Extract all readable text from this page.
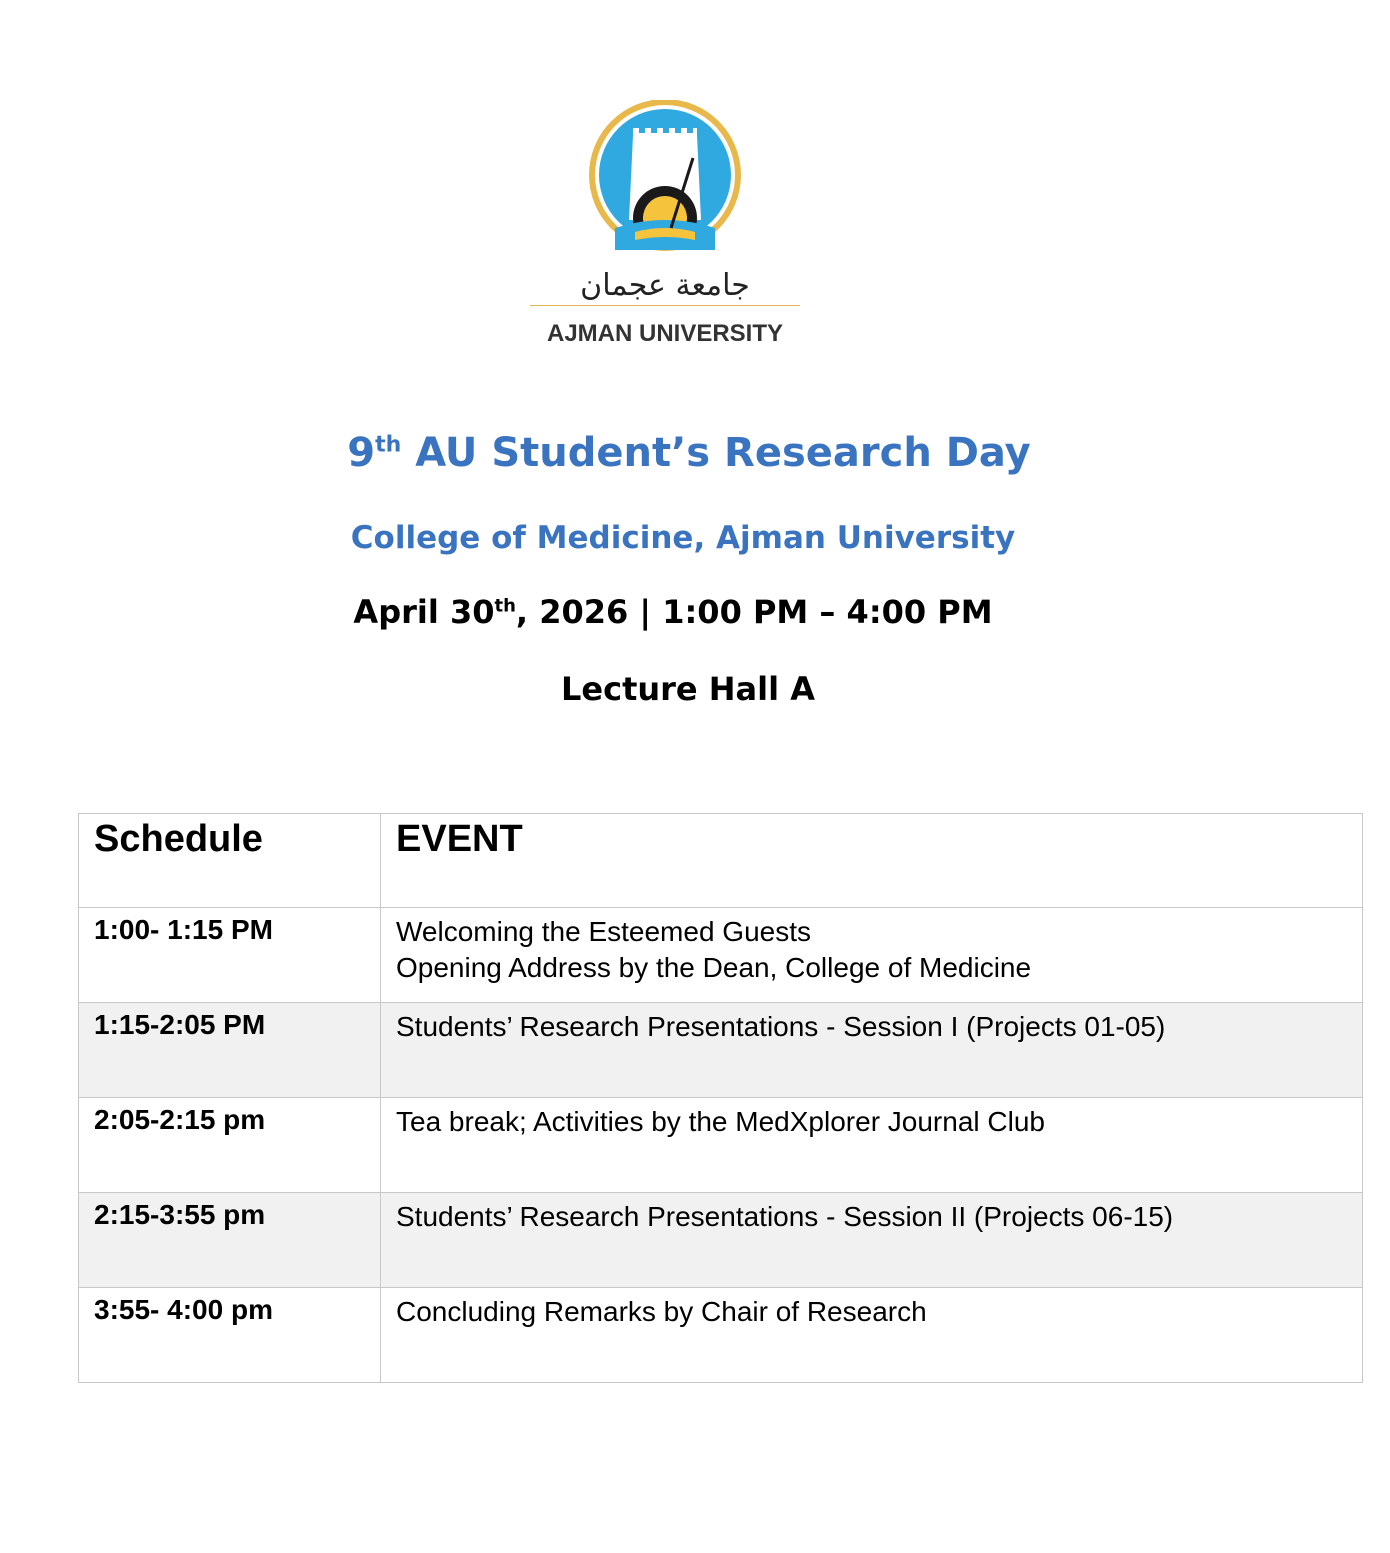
جامعة عجمان
AJMAN UNIVERSITY
9th AU Student’s Research Day
College of Medicine, Ajman University
April 30th, 2026 | 1:00 PM – 4:00 PM
Lecture Hall A
Schedule	EVENT
1:00- 1:15 PM	Welcoming the Esteemed Guests
Opening Address by the Dean, College of Medicine

1:15-2:05 PM	Students’ Research Presentations - Session I (Projects 01-05)

2:05-2:15 pm	Tea break; Activities by the MedXplorer Journal Club

2:15-3:55 pm	Students’ Research Presentations - Session II (Projects 06-15)

3:55- 4:00 pm	Concluding Remarks by Chair of Research
